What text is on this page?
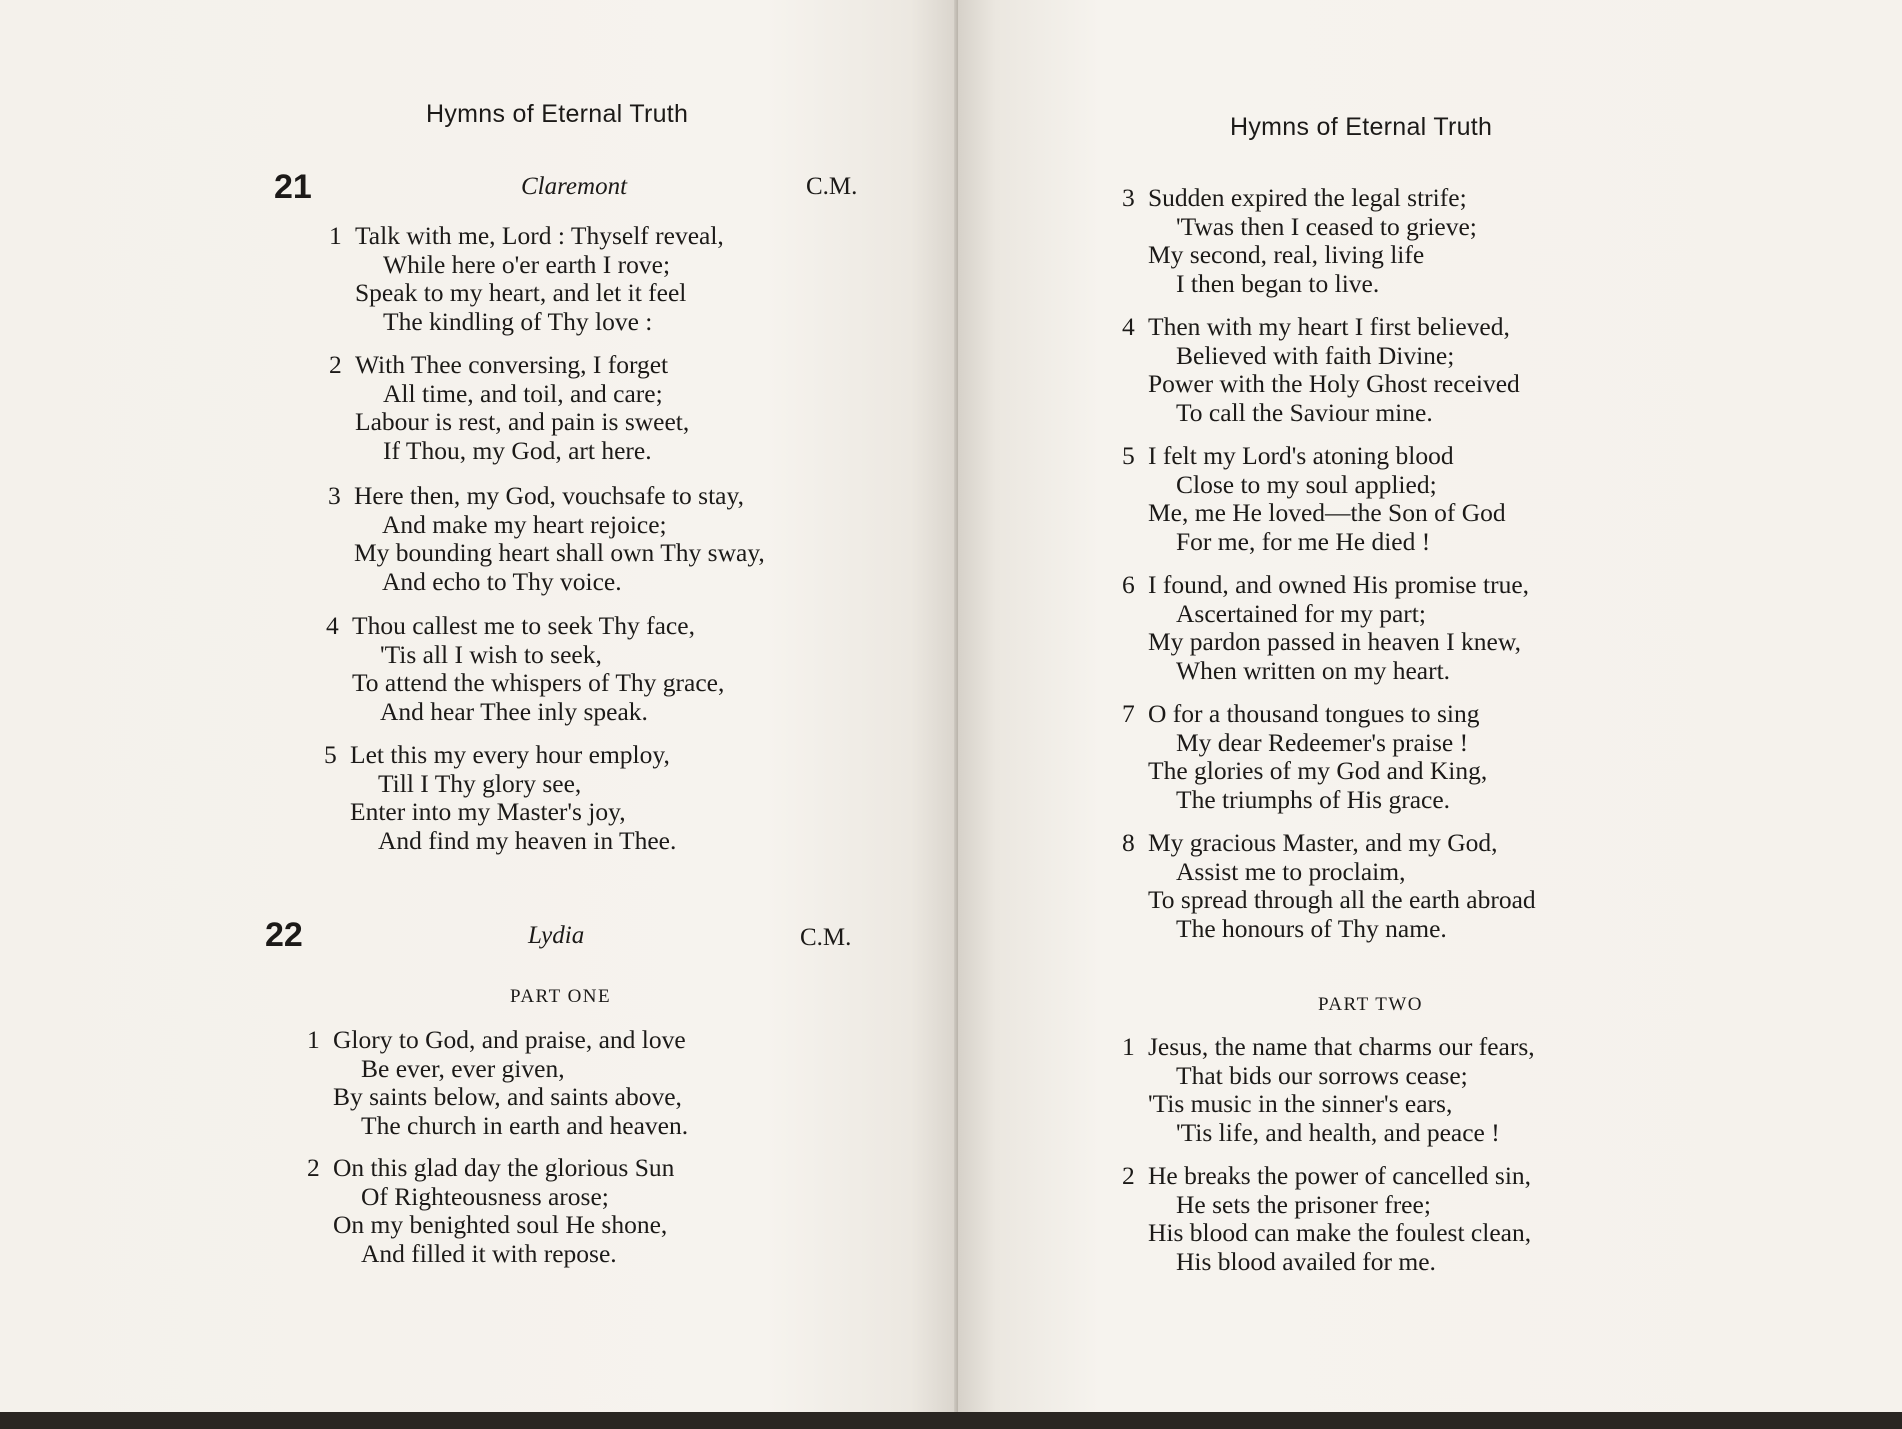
Hymns of Eternal Truth
21	Claremont	C.M.
1 Talk with me, Lord : Thyself reveal,
While here o'er earth I rove;
Speak to my heart, and let it feel
The kindling of Thy love :
2 With Thee conversing, I forget
All time, and toil, and care;
Labour is rest, and pain is sweet,
If Thou, my God, art here.
3 Here then, my God, vouchsafe to stay,
And make my heart rejoice;
My bounding heart shall own Thy sway,
And echo to Thy voice.
4 Thou callest me to seek Thy face,
'Tis all I wish to seek,
To attend the whispers of Thy grace,
And hear Thee inly speak.
5 Let this my every hour employ,
Till I Thy glory see,
Enter into my Master's joy,
And find my heaven in Thee.
22	Lydia	C.M.
PART ONE
1 Glory to God, and praise, and love
Be ever, ever given,
By saints below, and saints above,
The church in earth and heaven.
2 On this glad day the glorious Sun
Of Righteousness arose;
On my benighted soul He shone,
And filled it with repose.
Hymns of Eternal Truth
3 Sudden expired the legal strife;
'Twas then I ceased to grieve;
My second, real, living life
I then began to live.
4 Then with my heart I first believed,
Believed with faith Divine;
Power with the Holy Ghost received
To call the Saviour mine.
5 I felt my Lord's atoning blood
Close to my soul applied;
Me, me He loved—the Son of God
For me, for me He died !
6 I found, and owned His promise true,
Ascertained for my part;
My pardon passed in heaven I knew,
When written on my heart.
7 O for a thousand tongues to sing
My dear Redeemer's praise !
The glories of my God and King,
The triumphs of His grace.
8 My gracious Master, and my God,
Assist me to proclaim,
To spread through all the earth abroad
The honours of Thy name.
PART TWO
1 Jesus, the name that charms our fears,
That bids our sorrows cease;
'Tis music in the sinner's ears,
'Tis life, and health, and peace !
2 He breaks the power of cancelled sin,
He sets the prisoner free;
His blood can make the foulest clean,
His blood availed for me.
